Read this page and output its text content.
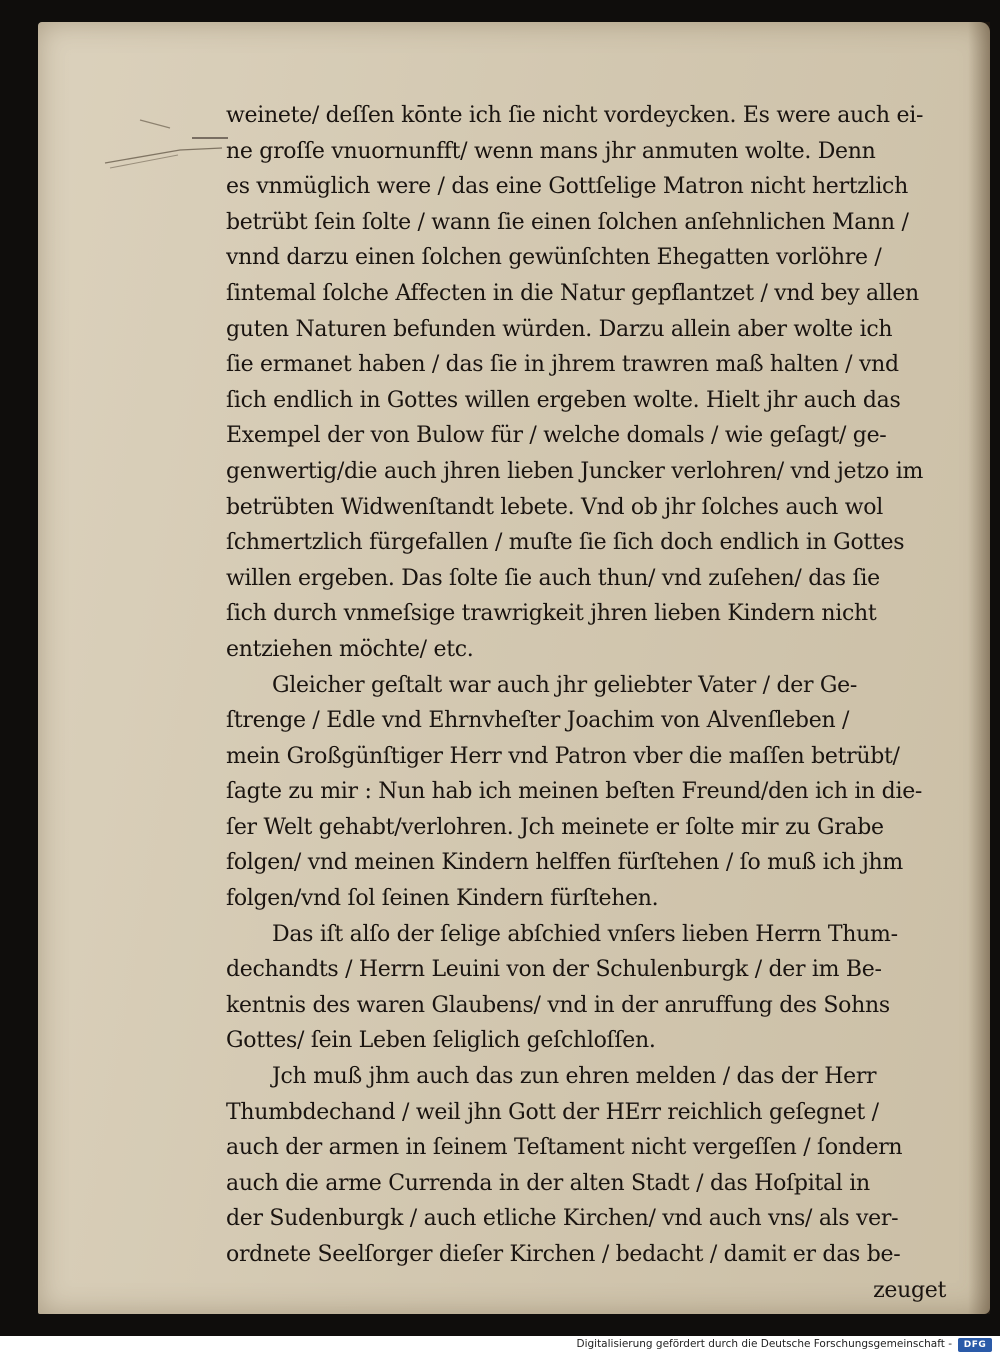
weinete/ deſſen kōnte ich ſie nicht vordeycken. Es were auch ei-
ne groſſe vnuornunfft/ wenn mans jhr anmuten wolte. Denn
es vnmüglich were / das eine Gottſelige Matron nicht hertzlich
betrübt ſein ſolte / wann ſie einen ſolchen anſehnlichen Mann /
vnnd darzu einen ſolchen gewünſchten Ehegatten vorlöhre /
ſintemal ſolche Affecten in die Natur gepflantzet / vnd bey allen
guten Naturen befunden würden. Darzu allein aber wolte ich
ſie ermanet haben / das ſie in jhrem trawren maß halten / vnd
ſich endlich in Gottes willen ergeben wolte. Hielt jhr auch das
Exempel der von Bulow für / welche domals / wie geſagt/ ge-
genwertig/die auch jhren lieben Juncker verlohren/ vnd jetzo im
betrübten Widwenſtandt lebete. Vnd ob jhr ſolches auch wol
ſchmertzlich fürgefallen / muſte ſie ſich doch endlich in Gottes
willen ergeben. Das ſolte ſie auch thun/ vnd zuſehen/ das ſie
ſich durch vnmeſsige trawrigkeit jhren lieben Kindern nicht
entziehen möchte/ etc.
Gleicher geſtalt war auch jhr geliebter Vater / der Ge-
ſtrenge / Edle vnd Ehrnvheſter Joachim von Alvenſleben /
mein Großgünſtiger Herr vnd Patron vber die maſſen betrübt/
ſagte zu mir : Nun hab ich meinen beſten Freund/den ich in die-
ſer Welt gehabt/verlohren. Jch meinete er ſolte mir zu Grabe
folgen/ vnd meinen Kindern helffen fürſtehen / ſo muß ich jhm
folgen/vnd ſol ſeinen Kindern fürſtehen.
Das iſt alſo der ſelige abſchied vnſers lieben Herrn Thum-
dechandts / Herrn Leuini von der Schulenburgk / der im Be-
kentnis des waren Glaubens/ vnd in der anruffung des Sohns
Gottes/ ſein Leben ſeliglich geſchloſſen.
Jch muß jhm auch das zun ehren melden / das der Herr
Thumbdechand / weil jhn Gott der HErr reichlich geſegnet /
auch der armen in ſeinem Teſtament nicht vergeſſen / ſondern
auch die arme Currenda in der alten Stadt / das Hoſpital in
der Sudenburgk / auch etliche Kirchen/ vnd auch vns/ als ver-
ordnete Seelſorger dieſer Kirchen / bedacht / damit er das be-
zeuget
Digitalisierung gefördert durch die Deutsche Forschungsgemeinschaft -	DFG
